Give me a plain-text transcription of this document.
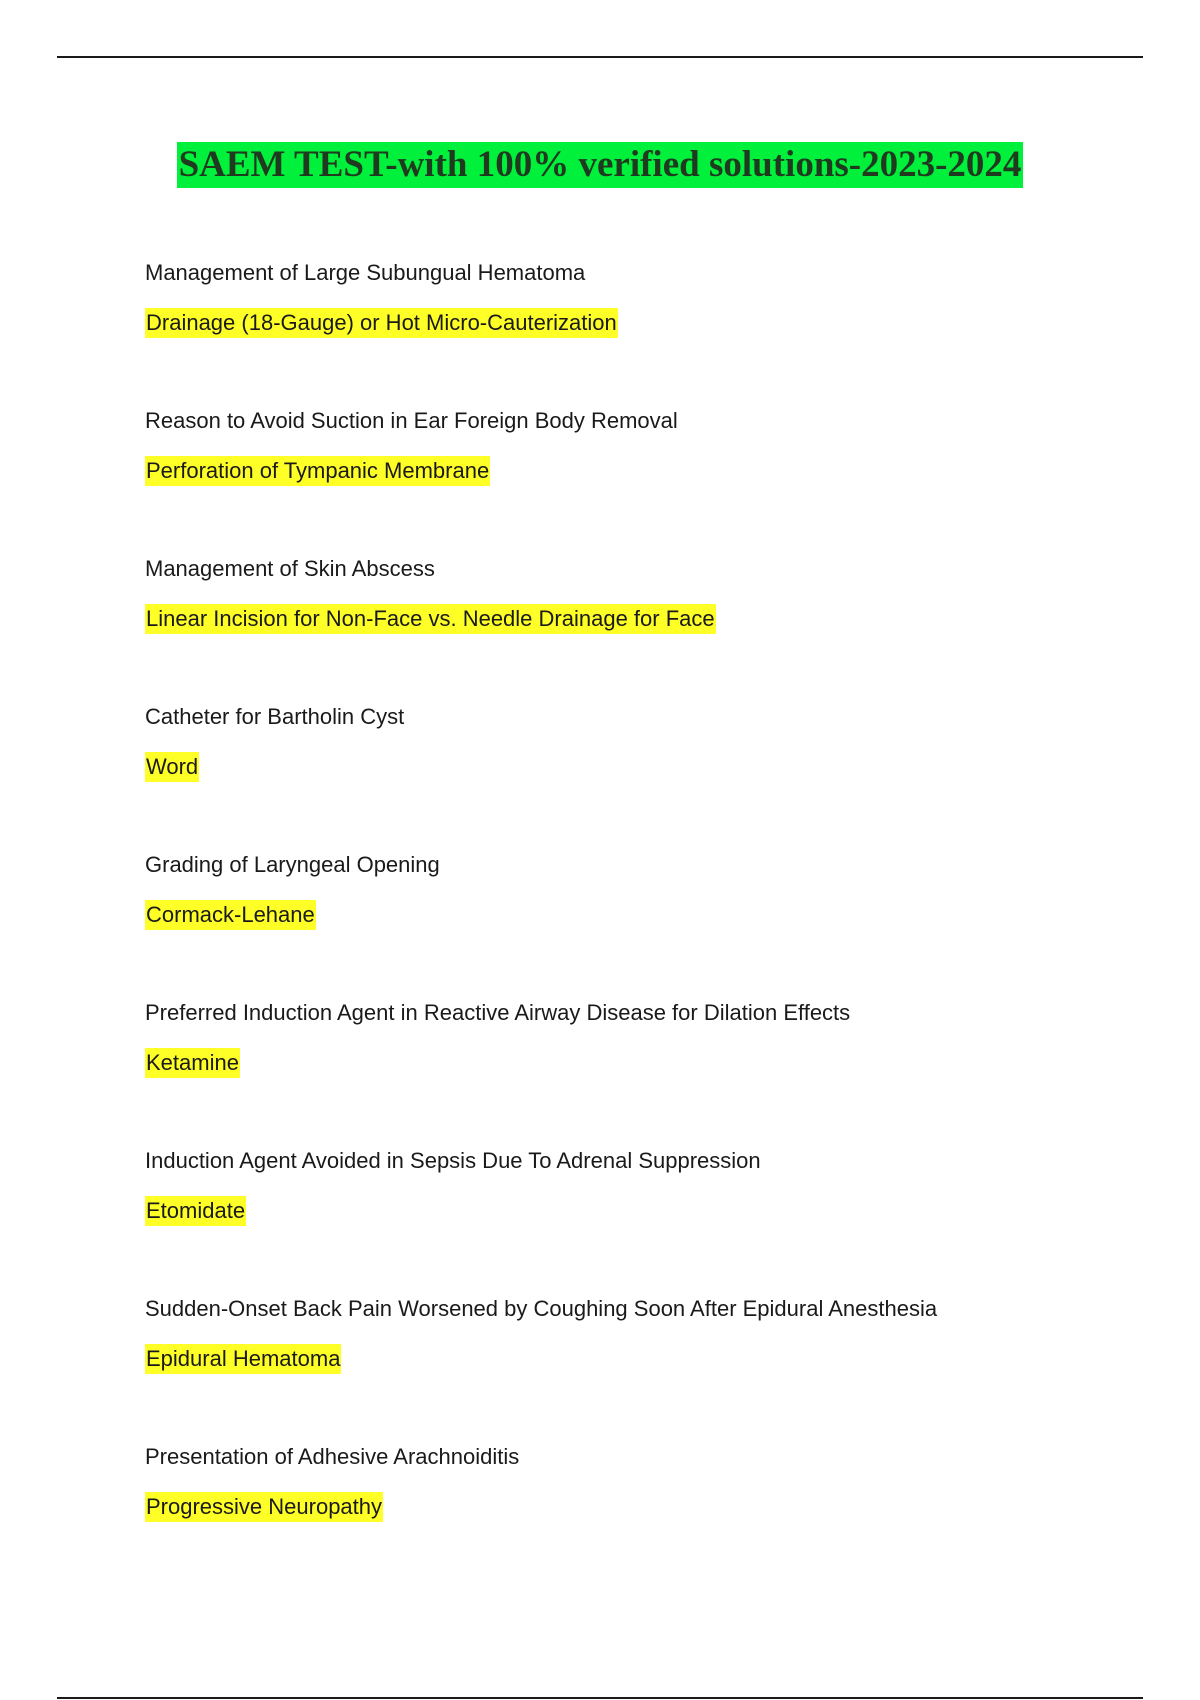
SAEM TEST-with 100% verified solutions-2023-2024

Management of Large Subungual Hematoma

Drainage (18-Gauge) or Hot Micro-Cauterization

Reason to Avoid Suction in Ear Foreign Body Removal

Perforation of Tympanic Membrane

Management of Skin Abscess

Linear Incision for Non-Face vs. Needle Drainage for Face

Catheter for Bartholin Cyst

Word

Grading of Laryngeal Opening

Cormack-Lehane

Preferred Induction Agent in Reactive Airway Disease for Dilation Effects

Ketamine

Induction Agent Avoided in Sepsis Due To Adrenal Suppression

Etomidate

Sudden-Onset Back Pain Worsened by Coughing Soon After Epidural Anesthesia

Epidural Hematoma

Presentation of Adhesive Arachnoiditis

Progressive Neuropathy
